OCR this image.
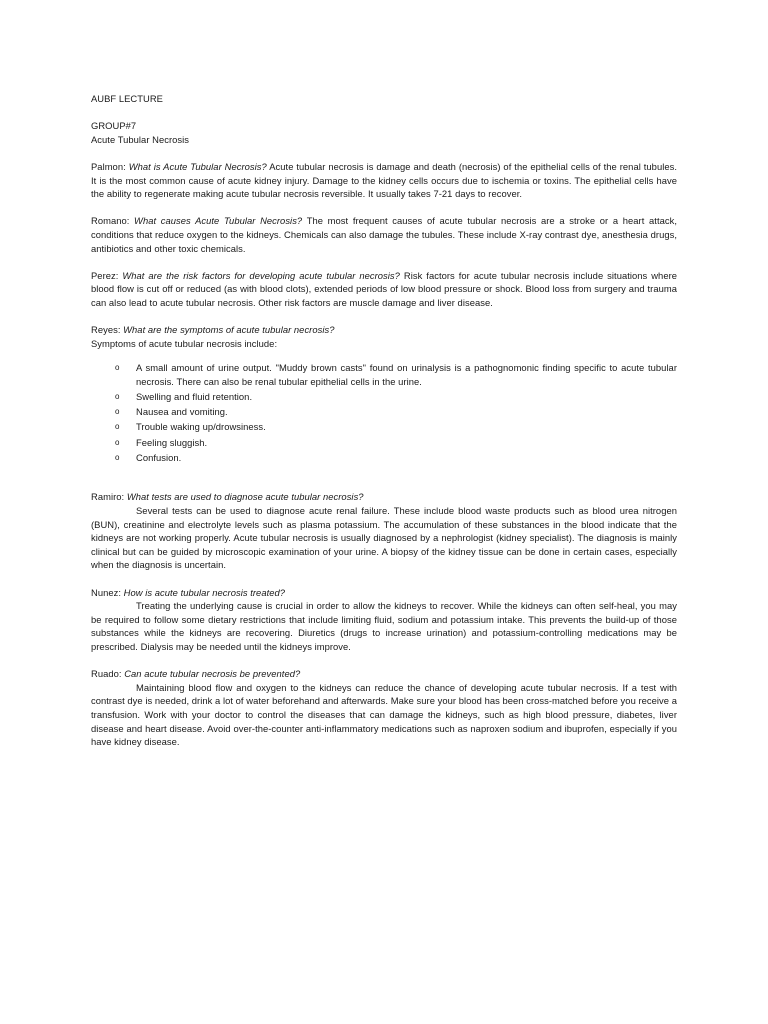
AUBF LECTURE

GROUP#7

Acute Tubular Necrosis

Palmon: What is Acute Tubular Necrosis? Acute tubular necrosis is damage and death (necrosis) of the epithelial cells of the renal tubules. It is the most common cause of acute kidney injury. Damage to the kidney cells occurs due to ischemia or toxins. The epithelial cells have the ability to regenerate making acute tubular necrosis reversible. It usually takes 7-21 days to recover.

Romano: What causes Acute Tubular Necrosis? The most frequent causes of acute tubular necrosis are a stroke or a heart attack, conditions that reduce oxygen to the kidneys. Chemicals can also damage the tubules. These include X-ray contrast dye, anesthesia drugs, antibiotics and other toxic chemicals.

Perez: What are the risk factors for developing acute tubular necrosis? Risk factors for acute tubular necrosis include situations where blood flow is cut off or reduced (as with blood clots), extended periods of low blood pressure or shock. Blood loss from surgery and trauma can also lead to acute tubular necrosis. Other risk factors are muscle damage and liver disease.

Reyes: What are the symptoms of acute tubular necrosis?

Symptoms of acute tubular necrosis include:

o A small amount of urine output. "Muddy brown casts" found on urinalysis is a pathognomonic finding specific to acute tubular necrosis. There can also be renal tubular epithelial cells in the urine.
o Swelling and fluid retention.
o Nausea and vomiting.
o Trouble waking up/drowsiness.
o Feeling sluggish.
o Confusion.

Ramiro: What tests are used to diagnose acute tubular necrosis?

Several tests can be used to diagnose acute renal failure. These include blood waste products such as blood urea nitrogen (BUN), creatinine and electrolyte levels such as plasma potassium. The accumulation of these substances in the blood indicate that the kidneys are not working properly. Acute tubular necrosis is usually diagnosed by a nephrologist (kidney specialist). The diagnosis is mainly clinical but can be guided by microscopic examination of your urine. A biopsy of the kidney tissue can be done in certain cases, especially when the diagnosis is uncertain.

Nunez: How is acute tubular necrosis treated?

Treating the underlying cause is crucial in order to allow the kidneys to recover. While the kidneys can often self-heal, you may be required to follow some dietary restrictions that include limiting fluid, sodium and potassium intake. This prevents the build-up of those substances while the kidneys are recovering. Diuretics (drugs to increase urination) and potassium-controlling medications may be prescribed. Dialysis may be needed until the kidneys improve.

Ruado: Can acute tubular necrosis be prevented?

Maintaining blood flow and oxygen to the kidneys can reduce the chance of developing acute tubular necrosis. If a test with contrast dye is needed, drink a lot of water beforehand and afterwards. Make sure your blood has been cross-matched before you receive a transfusion. Work with your doctor to control the diseases that can damage the kidneys, such as high blood pressure, diabetes, liver disease and heart disease. Avoid over-the-counter anti-inflammatory medications such as naproxen sodium and ibuprofen, especially if you have kidney disease.
